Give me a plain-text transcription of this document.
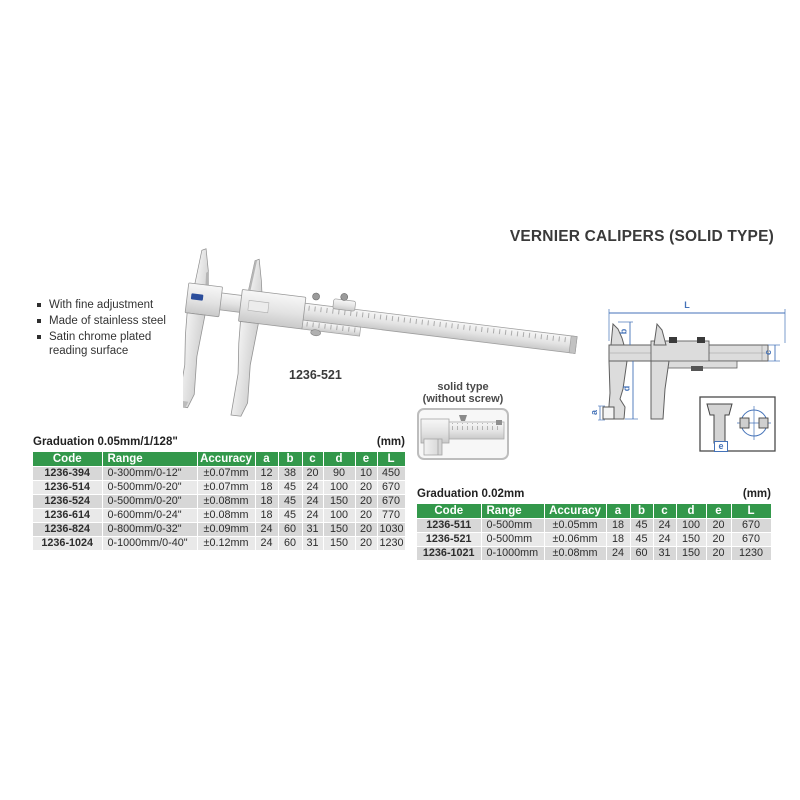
VERNIER CALIPERS (SOLID TYPE)
With fine adjustment
Made of stainless steel
Satin chrome plated reading surface
1236-521
solid type
(without screw)
L
b
d
a
c
e
Graduation 0.05mm/1/128"	(mm)
Code	Range	Accuracy	a	b	c	d	e	L
1236-394	0-300mm/0-12"	±0.07mm	12	38	20	90	10	450
1236-514	0-500mm/0-20"	±0.07mm	18	45	24	100	20	670
1236-524	0-500mm/0-20"	±0.08mm	18	45	24	150	20	670
1236-614	0-600mm/0-24"	±0.08mm	18	45	24	100	20	770
1236-824	0-800mm/0-32"	±0.09mm	24	60	31	150	20	1030
1236-1024	0-1000mm/0-40"	±0.12mm	24	60	31	150	20	1230
Graduation 0.02mm	(mm)
Code	Range	Accuracy	a	b	c	d	e	L
1236-511	0-500mm	±0.05mm	18	45	24	100	20	670
1236-521	0-500mm	±0.06mm	18	45	24	150	20	670
1236-1021	0-1000mm	±0.08mm	24	60	31	150	20	1230
